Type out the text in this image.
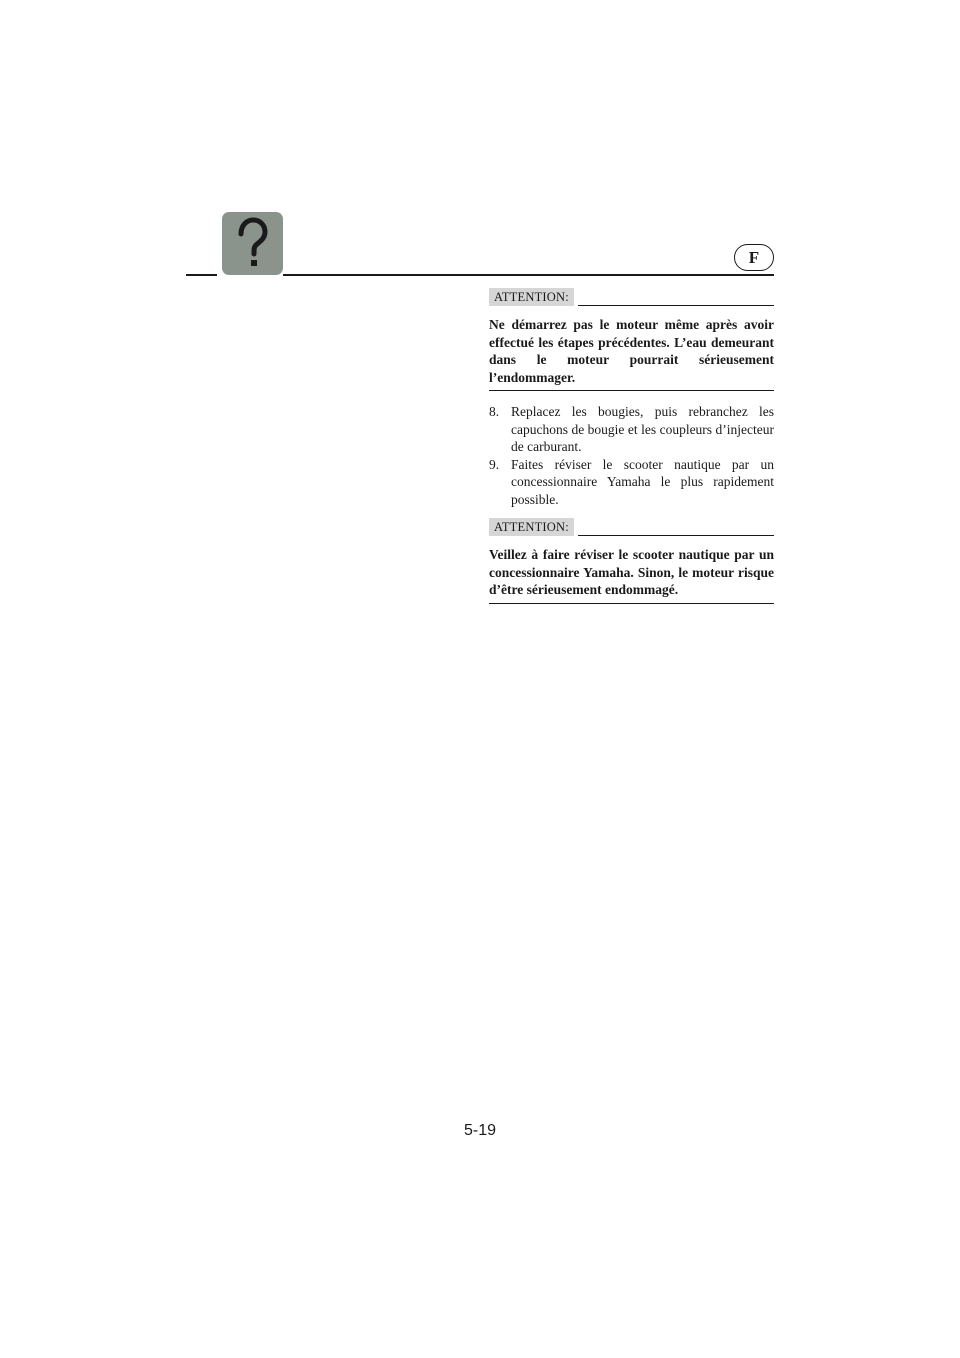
F
ATTENTION:

Ne démarrez pas le moteur même après avoir effectué les étapes précédentes. L’eau demeurant dans le moteur pourrait sérieusement l’endommager.

8. Replacez les bougies, puis rebranchez les capuchons de bougie et les coupleurs d’injecteur de carburant.
9. Faites réviser le scooter nautique par un concessionnaire Yamaha le plus rapidement possible.
ATTENTION:

Veillez à faire réviser le scooter nautique par un concessionnaire Yamaha. Sinon, le moteur risque d’être sérieusement endommagé.

5-19
